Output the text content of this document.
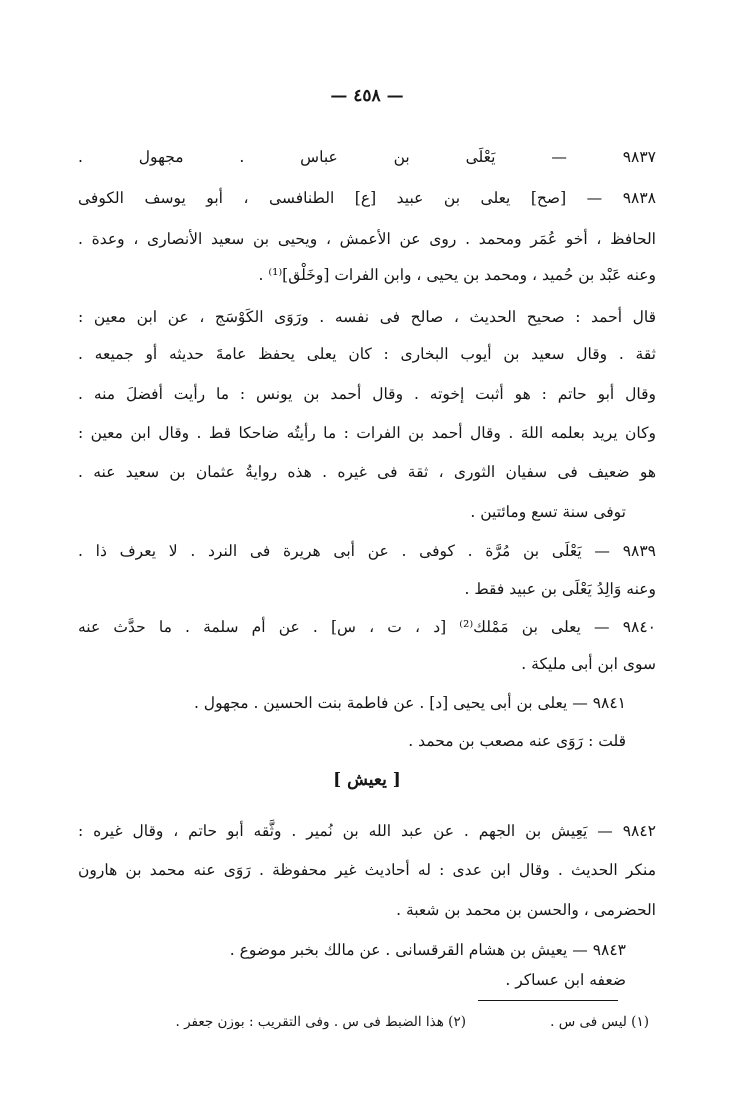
— ٤٥٨ —
٩٨٣٧ — يَعْلَى بن عباس . مجهول .
٩٨٣٨ — [صح] يعلى بن عبيد [ع] الطنافسى ، أبو يوسف الكوفى
الحافظ ، أخو عُمَر ومحمد . روى عن الأعمش ، ويحيى بن سعيد الأنصارى ، وعدة .
وعنه عَبْد بن حُميد ، ومحمد بن يحيى ، وابن الفرات [وخَلْق]⁽¹⁾ .
قال أحمد : صحيح الحديث ، صالح فى نفسه . ورَوَى الكَوْسَج ، عن ابن معين :
ثقة . وقال سعيد بن أيوب البخارى : كان يعلى يحفظ عامةَ حديثه أو جميعه .
وقال أبو حاتم : هو أثبت إخوته . وقال أحمد بن يونس : ما رأيت أفضلَ منه .
وكان يريد بعلمه اللهَ . وقال أحمد بن الفرات : ما رأيتُه ضاحكا قط . وقال ابن معين :
هو ضعيف فى سفيان الثورى ، ثقة فى غيره . هذه روايةُ عثمان بن سعيد عنه .
توفى سنة تسع ومائتين .
٩٨٣٩ — يَعْلَى بن مُرَّة . كوفى . عن أبى هريرة فى النرد . لا يعرف ذا .
وعنه وَالِدُ يَعْلَى بن عبيد فقط .
٩٨٤٠ — يعلى بن مَمْلك⁽²⁾ [د ، ت ، س] . عن أم سلمة . ما حدَّث عنه
سوى ابن أبى مليكة .
٩٨٤١ — يعلى بن أبى يحيى [د] . عن فاطمة بنت الحسين . مجهول .
قلت : رَوَى عنه مصعب بن محمد .
[ يعيش ]
٩٨٤٢ — يَعِيش بن الجهم . عن عبد الله بن نُمير . وثَّقه أبو حاتم ، وقال غيره :
منكر الحديث . وقال ابن عدى : له أحاديث غير محفوظة . رَوَى عنه محمد بن هارون
الحضرمى ، والحسن بن محمد بن شعبة .
٩٨٤٣ — يعيش بن هشام القرقسانى . عن مالك بخبر موضوع .
ضعفه ابن عساكر .
(١) ليس فى س .
(٢) هذا الضبط فى س . وفى التقريب : بوزن جعفر .
